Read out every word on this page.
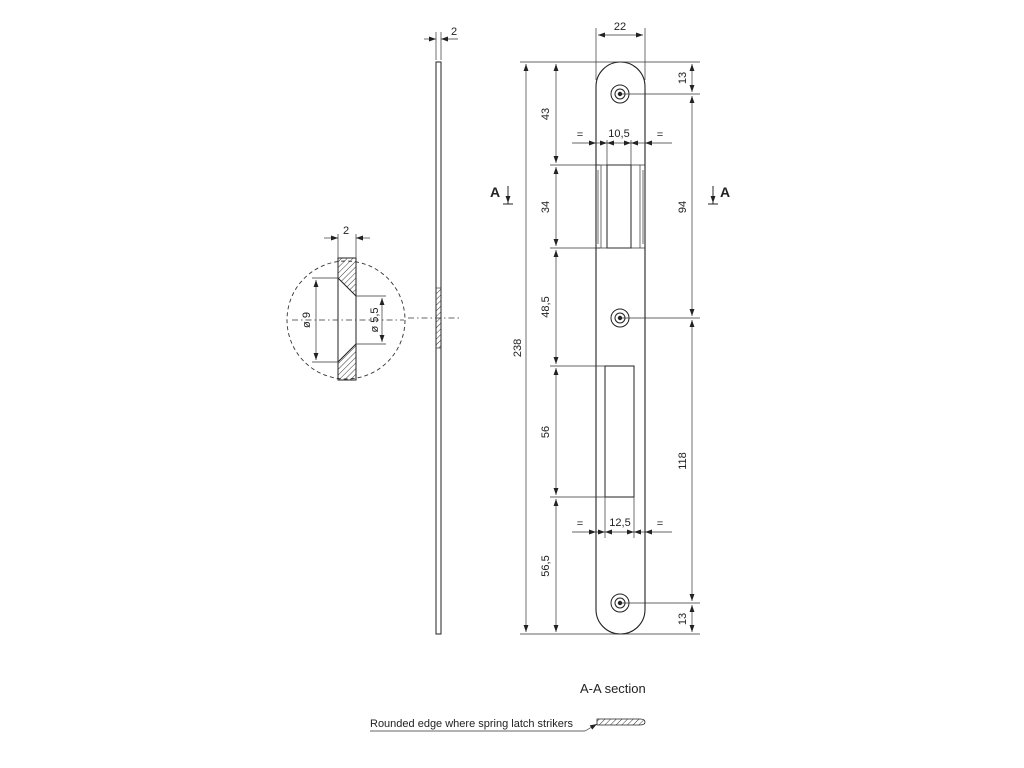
2
2
ø 9	ø 5,5
22
238
43
34
48,5
56
56,5
10,5
=	=
12,5
=	=
13
94
118
13
A	A
A-A section
Rounded edge where spring latch strikers
